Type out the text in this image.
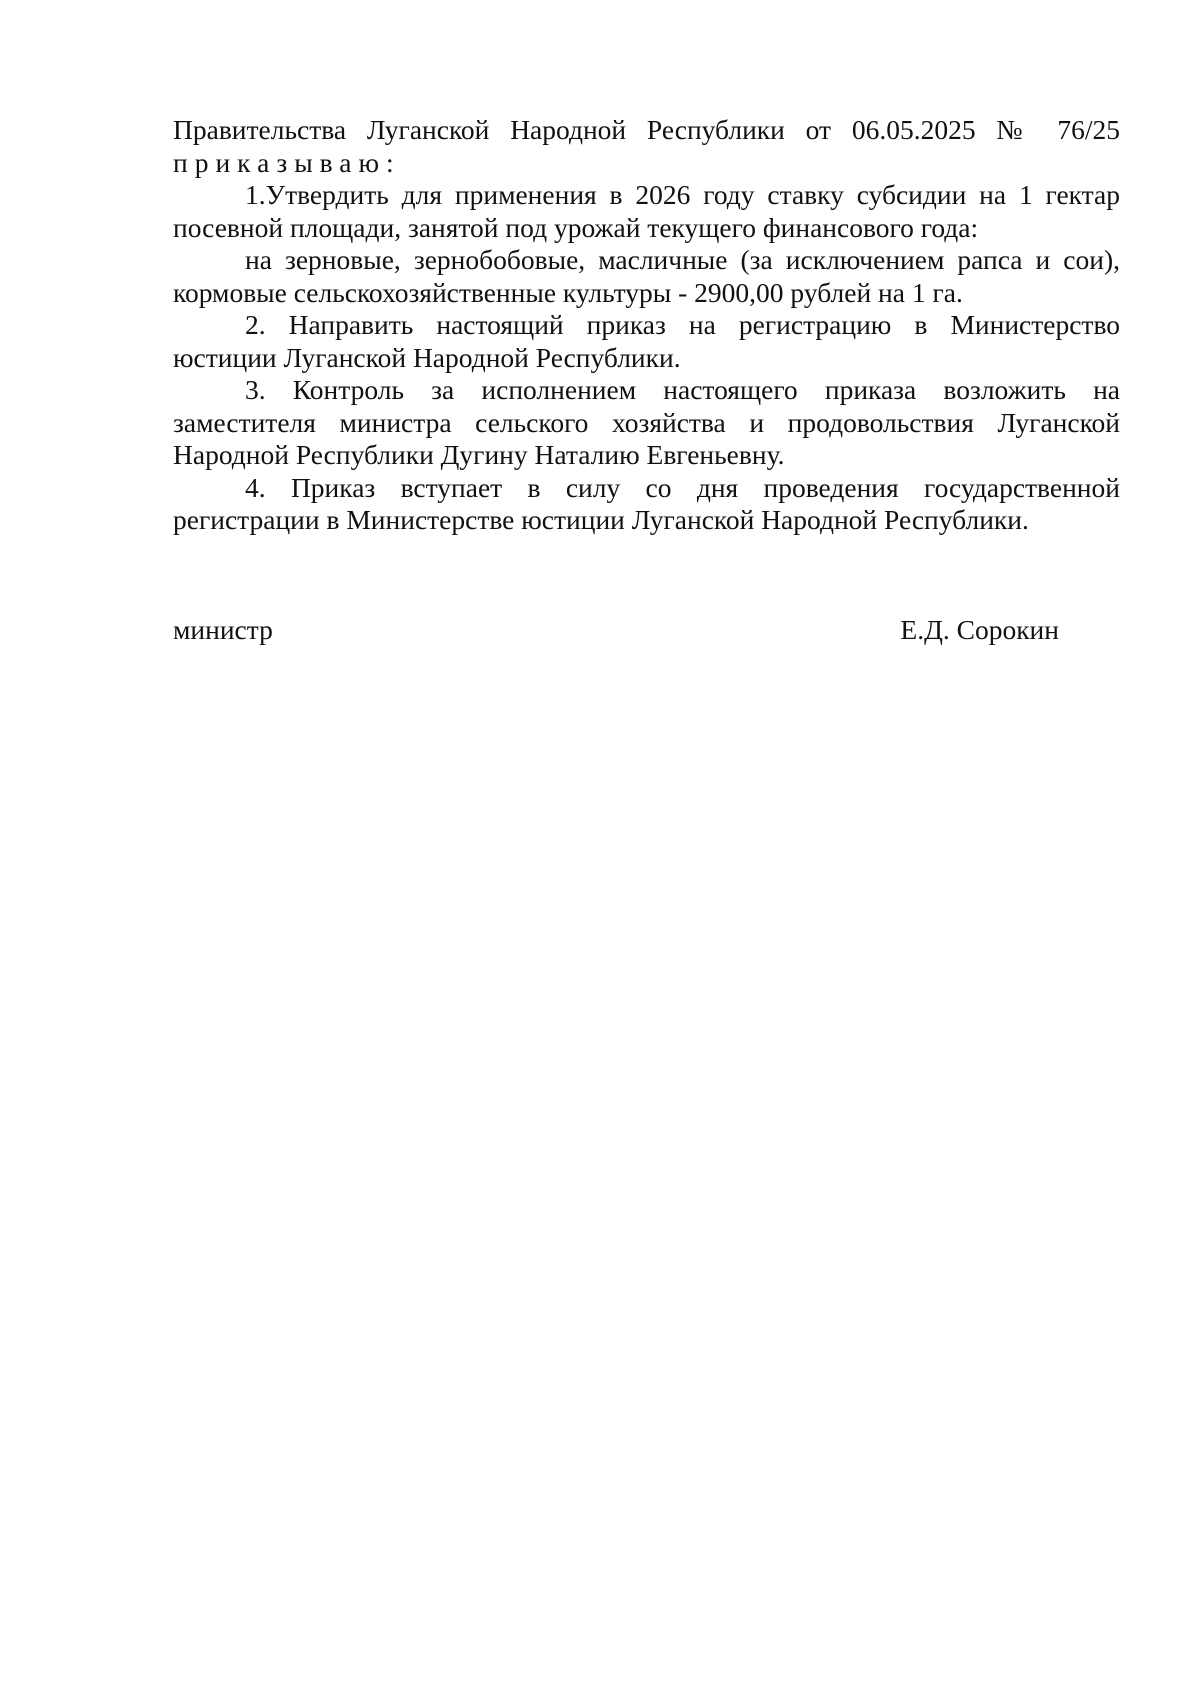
Правительства Луганской Народной Республики от 06.05.2025 № 76/25
приказываю:
1.Утвердить для применения в 2026 году ставку субсидии на 1 гектар
посевной площади, занятой под урожай текущего финансового года:
на зерновые, зернобобовые, масличные (за исключением рапса и сои),
кормовые сельскохозяйственные культуры - 2900,00 рублей на 1 га.
2. Направить настоящий приказ на регистрацию в Министерство
юстиции Луганской Народной Республики.
3. Контроль за исполнением настоящего приказа возложить на
заместителя министра сельского хозяйства и продовольствия Луганской
Народной Республики Дугину Наталию Евгеньевну.
4. Приказ вступает в силу со дня проведения государственной
регистрации в Министерстве юстиции Луганской Народной Республики.
министр	Е.Д. Сорокин
